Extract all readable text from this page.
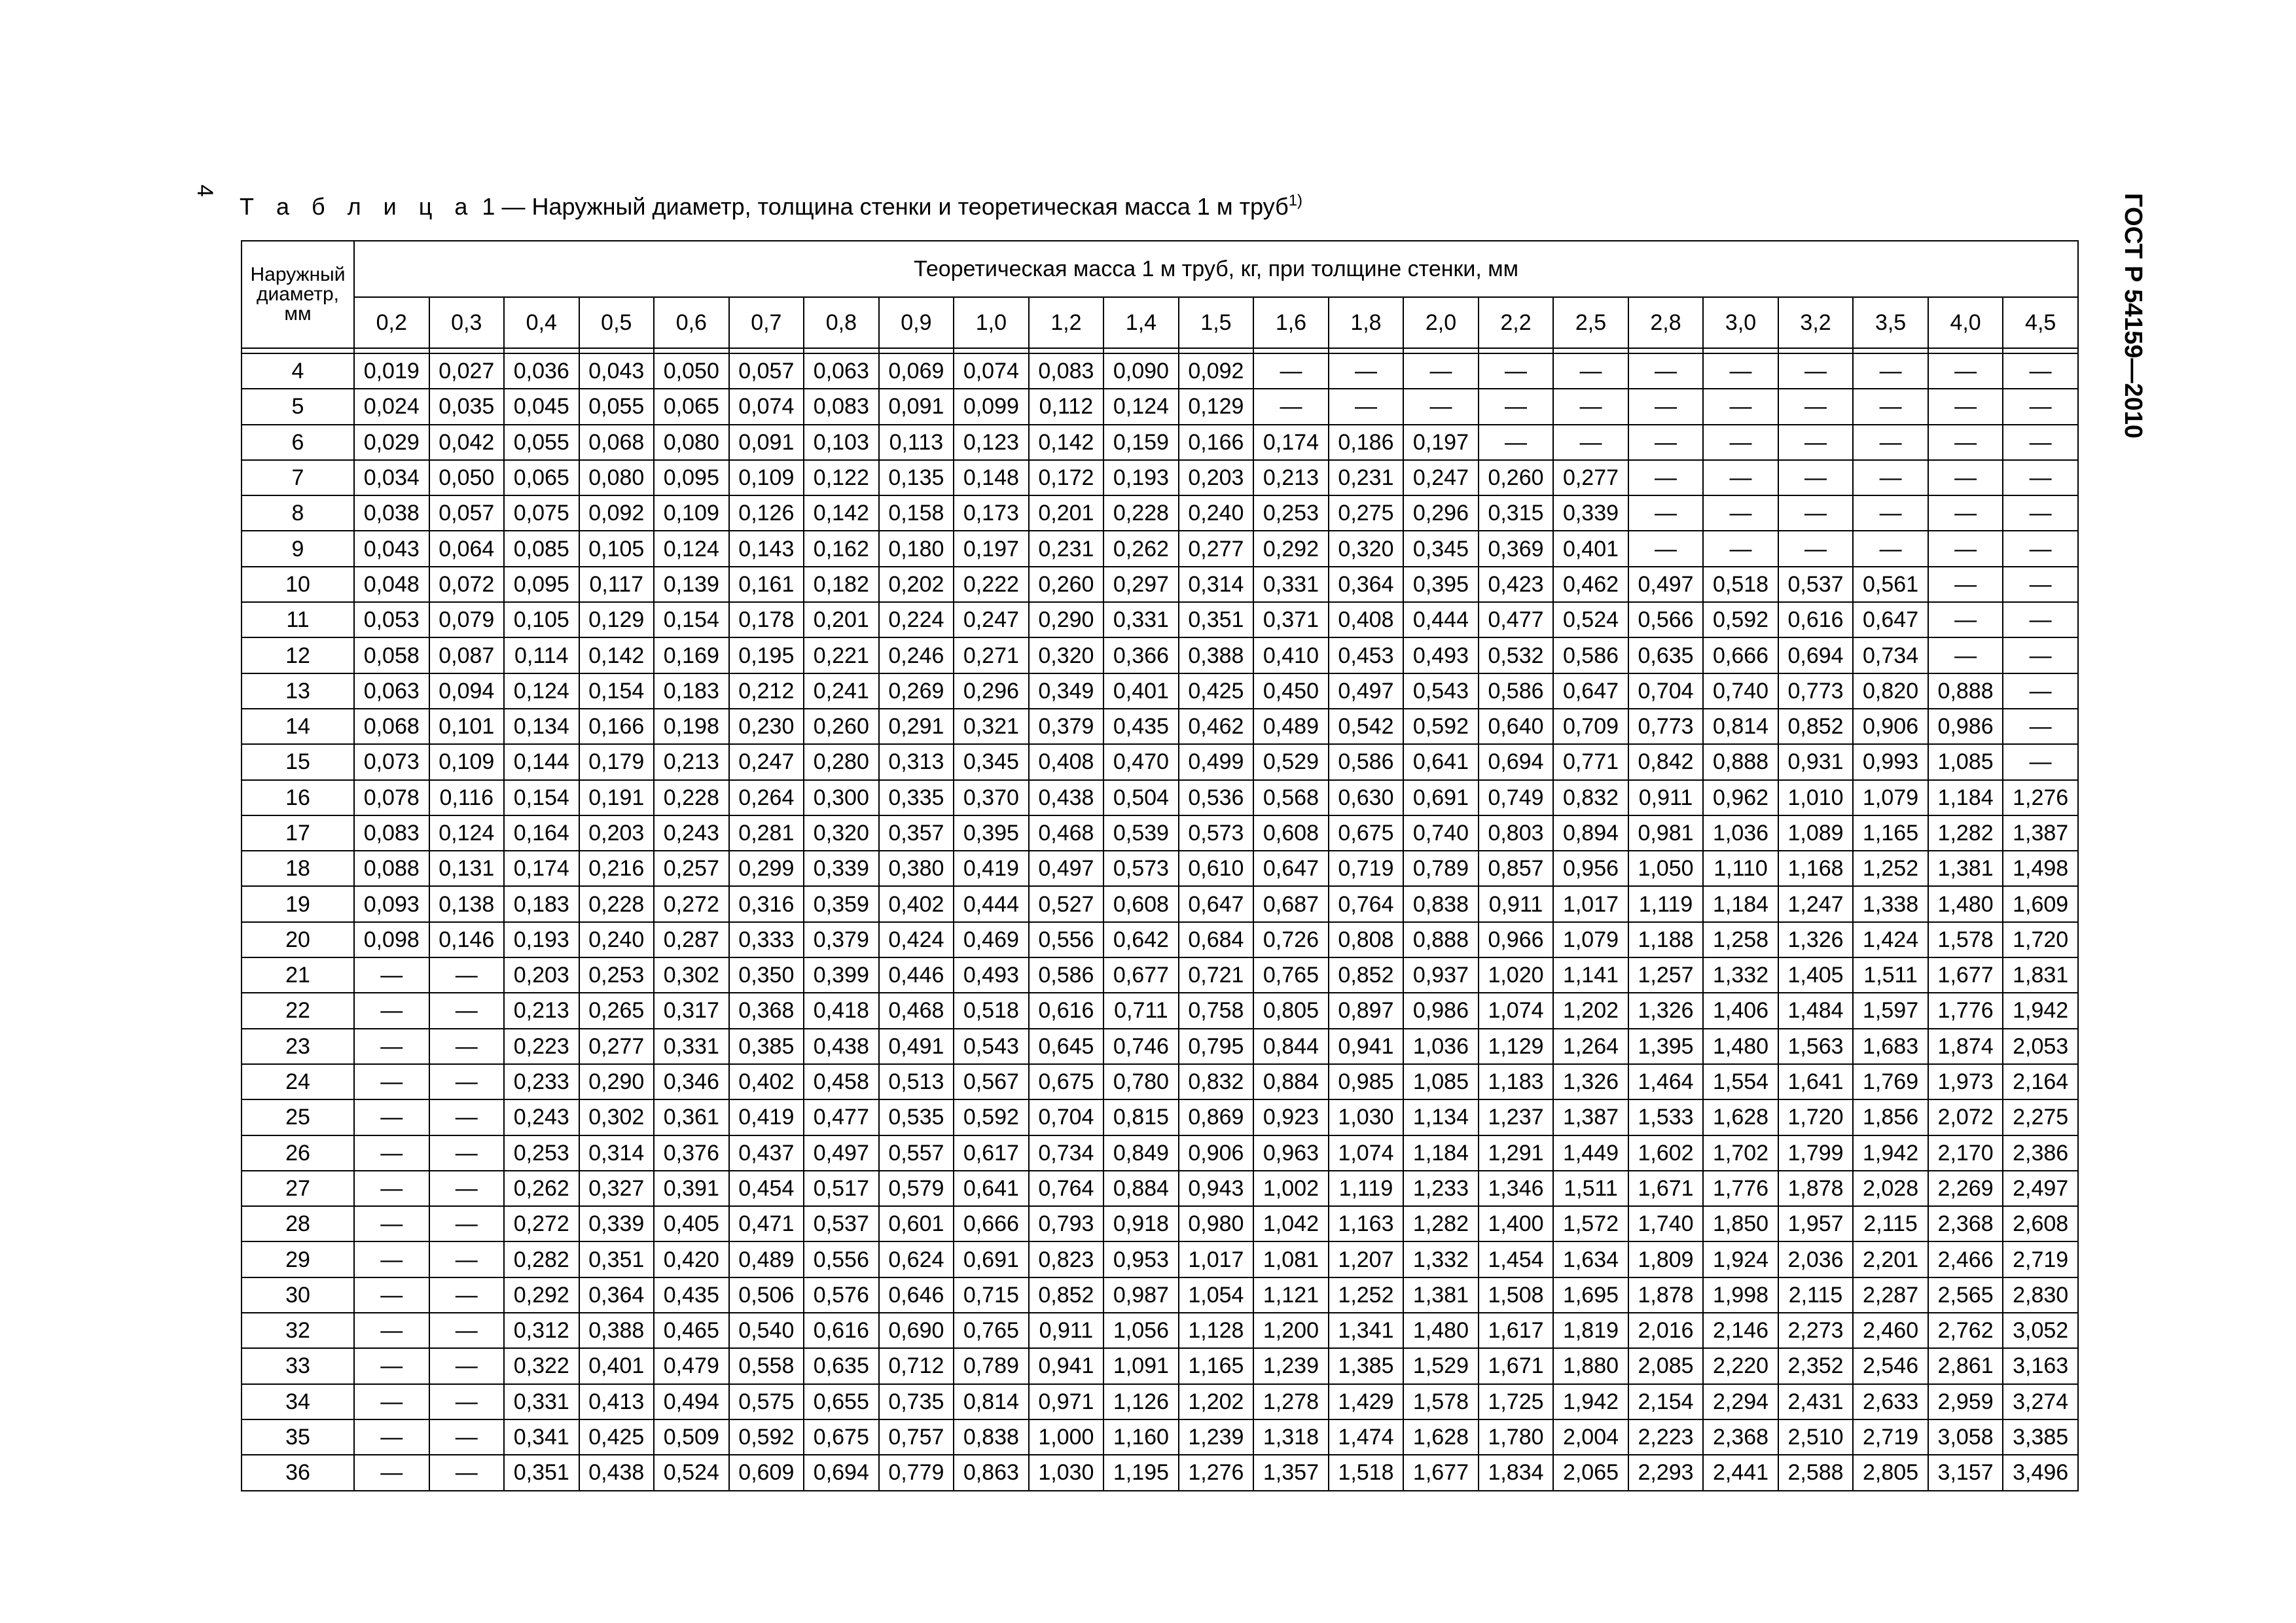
4
ГОСТ Р 54159—2010
Т а б л и ц а 1 — Наружный диаметр, толщина стенки и теоретическая масса 1 м труб$^{1)}$
Наружный диаметр, мм	Теоретическая масса 1 м труб, кг, при толщине стенки, мм																						
	0,2	0,3	0,4	0,5	0,6	0,7	0,8	0,9	1,0	1,2	1,4	1,5	1,6	1,8	2,0	2,2	2,5	2,8	3,0	3,2	3,5	4,0	4,5

4	0,019	0,027	0,036	0,043	0,050	0,057	0,063	0,069	0,074	0,083	0,090	0,092	—	—	—	—	—	—	—	—	—	—	—
5	0,024	0,035	0,045	0,055	0,065	0,074	0,083	0,091	0,099	0,112	0,124	0,129	—	—	—	—	—	—	—	—	—	—	—
6	0,029	0,042	0,055	0,068	0,080	0,091	0,103	0,113	0,123	0,142	0,159	0,166	0,174	0,186	0,197	—	—	—	—	—	—	—	—
7	0,034	0,050	0,065	0,080	0,095	0,109	0,122	0,135	0,148	0,172	0,193	0,203	0,213	0,231	0,247	0,260	0,277	—	—	—	—	—	—
8	0,038	0,057	0,075	0,092	0,109	0,126	0,142	0,158	0,173	0,201	0,228	0,240	0,253	0,275	0,296	0,315	0,339	—	—	—	—	—	—
9	0,043	0,064	0,085	0,105	0,124	0,143	0,162	0,180	0,197	0,231	0,262	0,277	0,292	0,320	0,345	0,369	0,401	—	—	—	—	—	—
10	0,048	0,072	0,095	0,117	0,139	0,161	0,182	0,202	0,222	0,260	0,297	0,314	0,331	0,364	0,395	0,423	0,462	0,497	0,518	0,537	0,561	—	—
11	0,053	0,079	0,105	0,129	0,154	0,178	0,201	0,224	0,247	0,290	0,331	0,351	0,371	0,408	0,444	0,477	0,524	0,566	0,592	0,616	0,647	—	—
12	0,058	0,087	0,114	0,142	0,169	0,195	0,221	0,246	0,271	0,320	0,366	0,388	0,410	0,453	0,493	0,532	0,586	0,635	0,666	0,694	0,734	—	—
13	0,063	0,094	0,124	0,154	0,183	0,212	0,241	0,269	0,296	0,349	0,401	0,425	0,450	0,497	0,543	0,586	0,647	0,704	0,740	0,773	0,820	0,888	—
14	0,068	0,101	0,134	0,166	0,198	0,230	0,260	0,291	0,321	0,379	0,435	0,462	0,489	0,542	0,592	0,640	0,709	0,773	0,814	0,852	0,906	0,986	—
15	0,073	0,109	0,144	0,179	0,213	0,247	0,280	0,313	0,345	0,408	0,470	0,499	0,529	0,586	0,641	0,694	0,771	0,842	0,888	0,931	0,993	1,085	—
16	0,078	0,116	0,154	0,191	0,228	0,264	0,300	0,335	0,370	0,438	0,504	0,536	0,568	0,630	0,691	0,749	0,832	0,911	0,962	1,010	1,079	1,184	1,276
17	0,083	0,124	0,164	0,203	0,243	0,281	0,320	0,357	0,395	0,468	0,539	0,573	0,608	0,675	0,740	0,803	0,894	0,981	1,036	1,089	1,165	1,282	1,387
18	0,088	0,131	0,174	0,216	0,257	0,299	0,339	0,380	0,419	0,497	0,573	0,610	0,647	0,719	0,789	0,857	0,956	1,050	1,110	1,168	1,252	1,381	1,498
19	0,093	0,138	0,183	0,228	0,272	0,316	0,359	0,402	0,444	0,527	0,608	0,647	0,687	0,764	0,838	0,911	1,017	1,119	1,184	1,247	1,338	1,480	1,609
20	0,098	0,146	0,193	0,240	0,287	0,333	0,379	0,424	0,469	0,556	0,642	0,684	0,726	0,808	0,888	0,966	1,079	1,188	1,258	1,326	1,424	1,578	1,720
21	—	—	0,203	0,253	0,302	0,350	0,399	0,446	0,493	0,586	0,677	0,721	0,765	0,852	0,937	1,020	1,141	1,257	1,332	1,405	1,511	1,677	1,831
22	—	—	0,213	0,265	0,317	0,368	0,418	0,468	0,518	0,616	0,711	0,758	0,805	0,897	0,986	1,074	1,202	1,326	1,406	1,484	1,597	1,776	1,942
23	—	—	0,223	0,277	0,331	0,385	0,438	0,491	0,543	0,645	0,746	0,795	0,844	0,941	1,036	1,129	1,264	1,395	1,480	1,563	1,683	1,874	2,053
24	—	—	0,233	0,290	0,346	0,402	0,458	0,513	0,567	0,675	0,780	0,832	0,884	0,985	1,085	1,183	1,326	1,464	1,554	1,641	1,769	1,973	2,164
25	—	—	0,243	0,302	0,361	0,419	0,477	0,535	0,592	0,704	0,815	0,869	0,923	1,030	1,134	1,237	1,387	1,533	1,628	1,720	1,856	2,072	2,275
26	—	—	0,253	0,314	0,376	0,437	0,497	0,557	0,617	0,734	0,849	0,906	0,963	1,074	1,184	1,291	1,449	1,602	1,702	1,799	1,942	2,170	2,386
27	—	—	0,262	0,327	0,391	0,454	0,517	0,579	0,641	0,764	0,884	0,943	1,002	1,119	1,233	1,346	1,511	1,671	1,776	1,878	2,028	2,269	2,497
28	—	—	0,272	0,339	0,405	0,471	0,537	0,601	0,666	0,793	0,918	0,980	1,042	1,163	1,282	1,400	1,572	1,740	1,850	1,957	2,115	2,368	2,608
29	—	—	0,282	0,351	0,420	0,489	0,556	0,624	0,691	0,823	0,953	1,017	1,081	1,207	1,332	1,454	1,634	1,809	1,924	2,036	2,201	2,466	2,719
30	—	—	0,292	0,364	0,435	0,506	0,576	0,646	0,715	0,852	0,987	1,054	1,121	1,252	1,381	1,508	1,695	1,878	1,998	2,115	2,287	2,565	2,830
32	—	—	0,312	0,388	0,465	0,540	0,616	0,690	0,765	0,911	1,056	1,128	1,200	1,341	1,480	1,617	1,819	2,016	2,146	2,273	2,460	2,762	3,052
33	—	—	0,322	0,401	0,479	0,558	0,635	0,712	0,789	0,941	1,091	1,165	1,239	1,385	1,529	1,671	1,880	2,085	2,220	2,352	2,546	2,861	3,163
34	—	—	0,331	0,413	0,494	0,575	0,655	0,735	0,814	0,971	1,126	1,202	1,278	1,429	1,578	1,725	1,942	2,154	2,294	2,431	2,633	2,959	3,274
35	—	—	0,341	0,425	0,509	0,592	0,675	0,757	0,838	1,000	1,160	1,239	1,318	1,474	1,628	1,780	2,004	2,223	2,368	2,510	2,719	3,058	3,385
36	—	—	0,351	0,438	0,524	0,609	0,694	0,779	0,863	1,030	1,195	1,276	1,357	1,518	1,677	1,834	2,065	2,293	2,441	2,588	2,805	3,157	3,496
